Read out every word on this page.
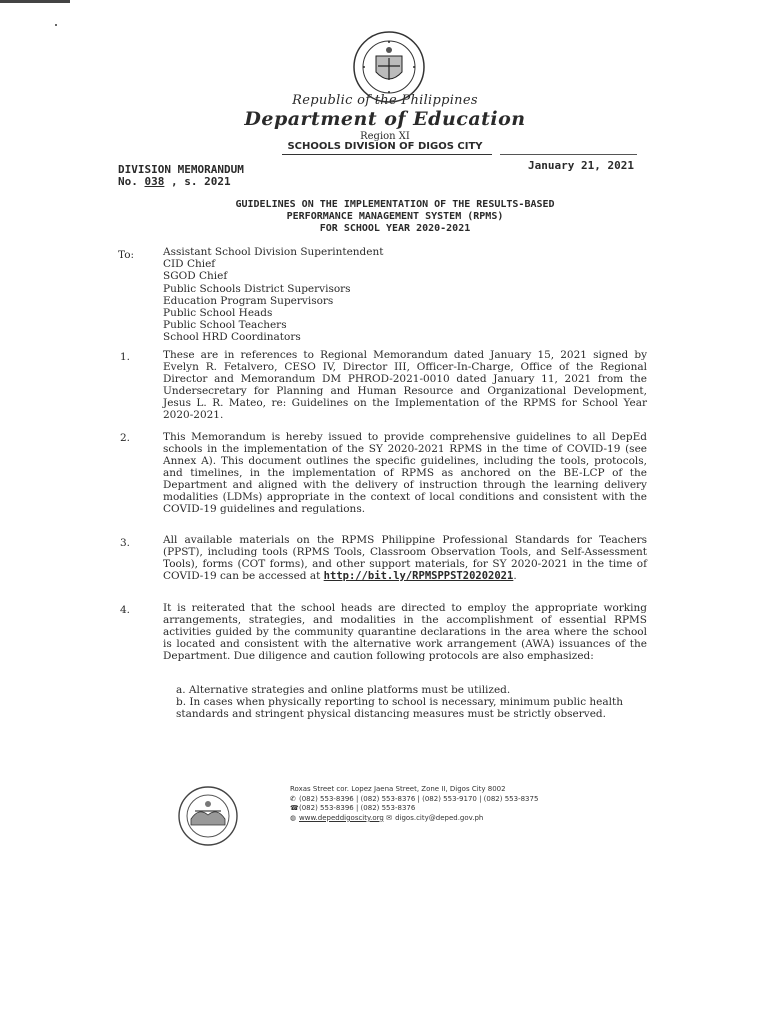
Republic of the Philippines
Department of Education
Region XI
SCHOOLS DIVISION OF DIGOS CITY
DIVISION MEMORANDUM
No. 038 , s. 2021
January 21, 2021
GUIDELINES ON THE IMPLEMENTATION OF THE RESULTS-BASED
PERFORMANCE MANAGEMENT SYSTEM (RPMS)
FOR SCHOOL YEAR 2020-2021
To:	Assistant School Division Superintendent
CID Chief
SGOD Chief
Public Schools District Supervisors
Education Program Supervisors
Public School Heads
Public School Teachers
School HRD Coordinators
1.	These are in references to Regional Memorandum dated January 15, 2021 signed by Evelyn R. Fetalvero, CESO IV, Director III, Officer-In-Charge, Office of the Regional Director and Memorandum DM PHROD-2021-0010 dated January 11, 2021 from the Undersecretary for Planning and Human Resource and Organizational Development, Jesus L. R. Mateo, re: Guidelines on the Implementation of the RPMS for School Year 2020-2021.
2.	This Memorandum is hereby issued to provide comprehensive guidelines to all DepEd schools in the implementation of the SY 2020-2021 RPMS in the time of COVID-19 (see Annex A). This document outlines the specific guidelines, including the tools, protocols, and timelines, in the implementation of RPMS as anchored on the BE-LCP of the Department and aligned with the delivery of instruction through the learning delivery modalities (LDMs) appropriate in the context of local conditions and consistent with the COVID-19 guidelines and regulations.
3.	All available materials on the RPMS Philippine Professional Standards for Teachers (PPST), including tools (RPMS Tools, Classroom Observation Tools, and Self-Assessment Tools), forms (COT forms), and other support materials, for SY 2020-2021 in the time of COVID-19 can be accessed at http://bit.ly/RPMSPPST20202021.
4.	It is reiterated that the school heads are directed to employ the appropriate working arrangements, strategies, and modalities in the accomplishment of essential RPMS activities guided by the community quarantine declarations in the area where the school is located and consistent with the alternative work arrangement (AWA) issuances of the Department. Due diligence and caution following protocols are also emphasized:
a. Alternative strategies and online platforms must be utilized.
b. In cases when physically reporting to school is necessary, minimum public health standards and stringent physical distancing measures must be strictly observed.
Roxas Street cor. Lopez Jaena Street, Zone II, Digos City 8002
✆ (082) 553-8396 | (082) 553-8376 | (082) 553-9170 | (082) 553-8375
☎(082) 553-8396 | (082) 553-8376
◍ www.depeddigoscity.org ✉ digos.city@deped.gov.ph
